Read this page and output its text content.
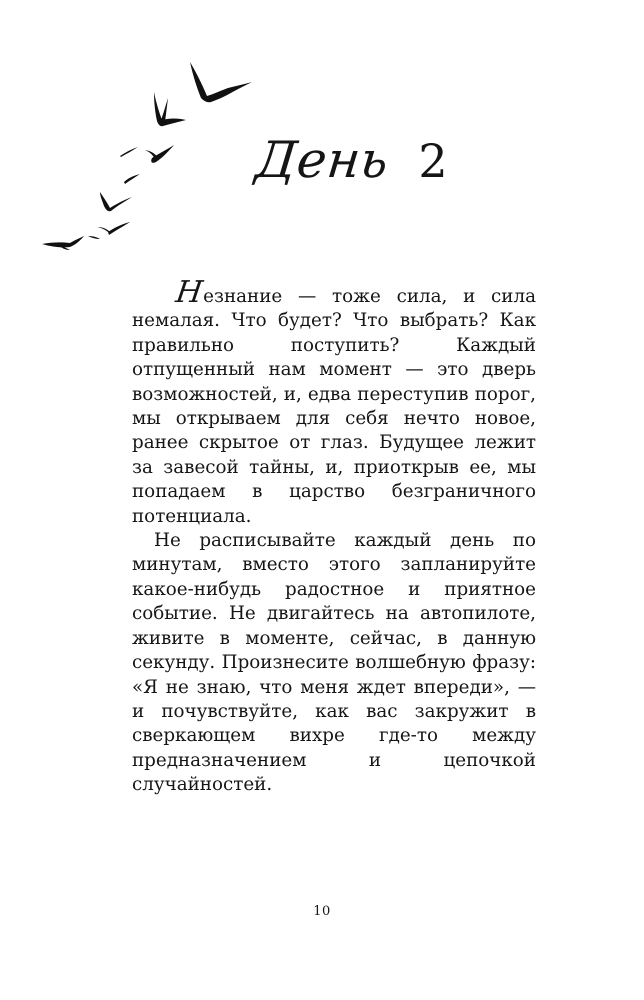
День 2

Незнание — тоже сила, и сила немалая. Что будет? Что выбрать? Как правильно поступить? Каждый отпущенный нам момент — это дверь возможностей, и, едва переступив порог, мы открываем для себя нечто новое, ранее скрытое от глаз. Будущее лежит за завесой тайны, и, приоткрыв ее, мы попадаем в царство безграничного потенциала.

Не расписывайте каждый день по минутам, вместо этого запланируйте какое-нибудь радостное и приятное событие. Не двигайтесь на автопилоте, живите в моменте, сейчас, в данную секунду. Произнесите волшебную фразу: «Я не знаю, что меня ждет впереди», — и почувствуйте, как вас закружит в сверкающем вихре где-то между предназначением и цепочкой случайностей.

10
